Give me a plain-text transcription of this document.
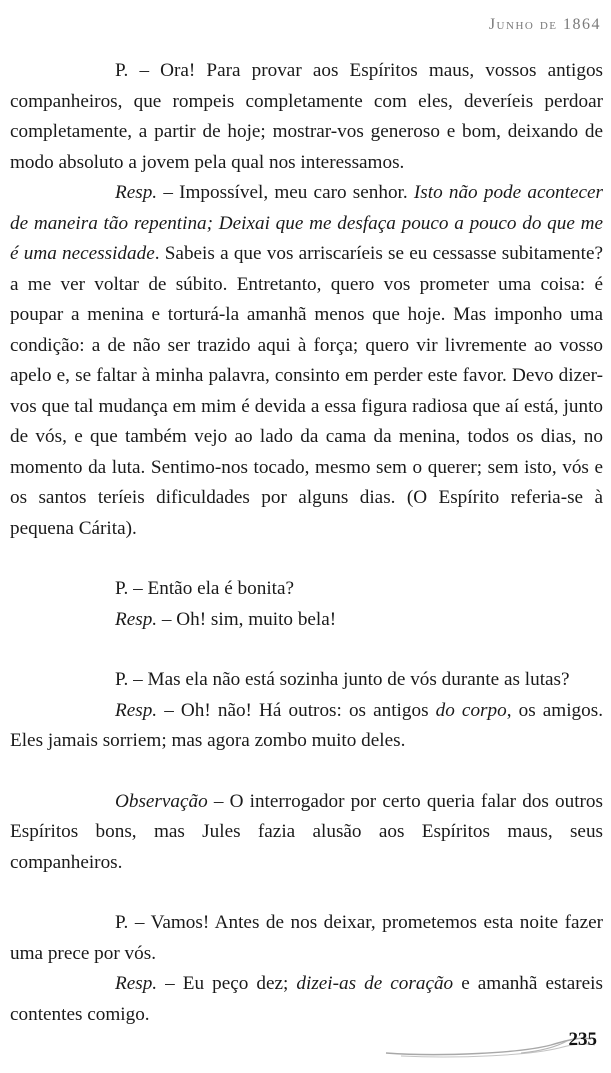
Junho de 1864

P. – Ora! Para provar aos Espíritos maus, vossos antigos companheiros, que rompeis completamente com eles, deveríeis perdoar completamente, a partir de hoje; mostrar-vos generoso e bom, deixando de modo absoluto a jovem pela qual nos interessamos.

Resp. – Impossível, meu caro senhor. Isto não pode acontecer de maneira tão repentina; Deixai que me desfaça pouco a pouco do que me é uma necessidade. Sabeis a que vos arriscaríeis se eu cessasse subitamente? a me ver voltar de súbito. Entretanto, quero vos prometer uma coisa: é poupar a menina e torturá-la amanhã menos que hoje. Mas imponho uma condição: a de não ser trazido aqui à força; quero vir livremente ao vosso apelo e, se faltar à minha palavra, consinto em perder este favor. Devo dizer-vos que tal mudança em mim é devida a essa figura radiosa que aí está, junto de vós, e que também vejo ao lado da cama da menina, todos os dias, no momento da luta. Sentimo-nos tocado, mesmo sem o querer; sem isto, vós e os santos teríeis dificuldades por alguns dias. (O Espírito referia-se à pequena Cárita).

P. – Então ela é bonita?

Resp. – Oh! sim, muito bela!

P. – Mas ela não está sozinha junto de vós durante as lutas?

Resp. – Oh! não! Há outros: os antigos do corpo, os amigos. Eles jamais sorriem; mas agora zombo muito deles.

Observação – O interrogador por certo queria falar dos outros Espíritos bons, mas Jules fazia alusão aos Espíritos maus, seus companheiros.

P. – Vamos! Antes de nos deixar, prometemos esta noite fazer uma prece por vós.

Resp. – Eu peço dez; dizei-as de coração e amanhã estareis contentes comigo.

235
